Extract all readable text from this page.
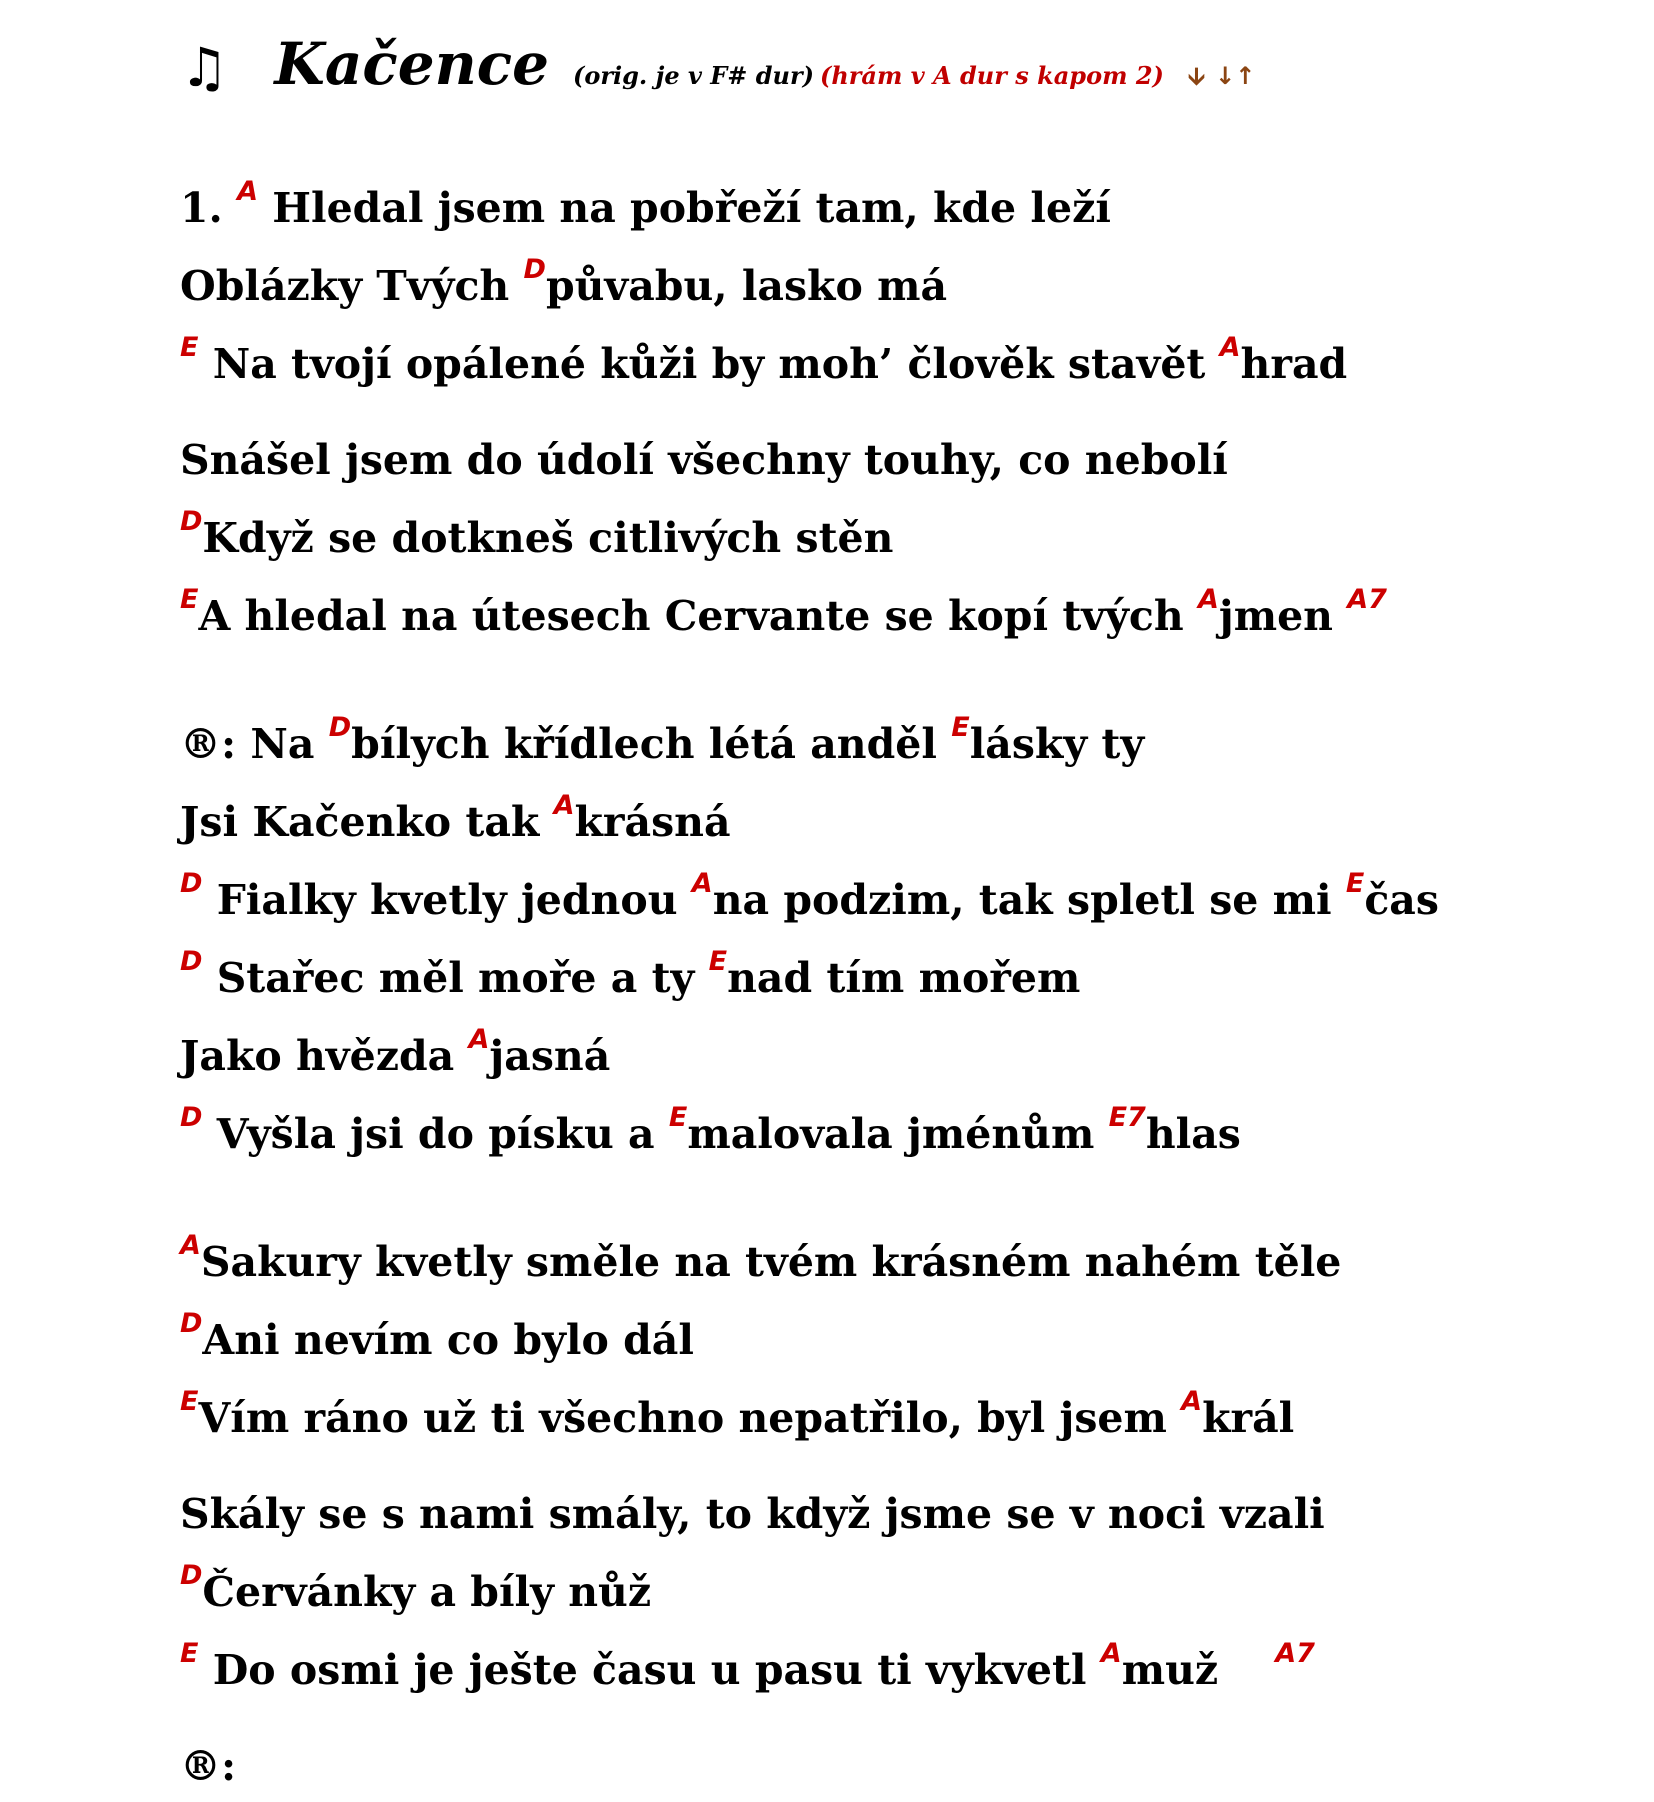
♫ Kačence (orig. je v F# dur) (hrám v A dur s kapom 2) 🡫 ↓↑
1. $^A$ Hledal jsem na pobřeží tam, kde leží
Oblázky Tvých $^D$půvabu, lasko má
$^E$ Na tvojí opálené kůži by moh’ člověk stavět $^A$hrad
Snášel jsem do údolí všechny touhy, co nebolí
$^D$Když se dotkneš citlivých stěn
$^E$A hledal na útesech Cervante se kopí tvých $^A$jmen $^{A7}$
®: Na $^D$bílych křídlech létá anděl $^E$lásky ty
Jsi Kačenko tak $^A$krásná
$^D$ Fialky kvetly jednou $^A$na podzim, tak spletl se mi $^E$čas
$^D$ Stařec měl moře a ty $^E$nad tím mořem
Jako hvězda $^A$jasná
$^D$ Vyšla jsi do písku a $^E$malovala jménům $^{E7}$hlas
$^A$Sakury kvetly směle na tvém krásném nahém těle
$^D$Ani nevím co bylo dál
$^E$Vím ráno už ti všechno nepatřilo, byl jsem $^A$král
Skály se s nami smály, to když jsme se v noci vzali
$^D$Červánky a bíly nůž
$^E$ Do osmi je ješte času u pasu ti vykvetl $^A$muž    $^{A7}$
®:
